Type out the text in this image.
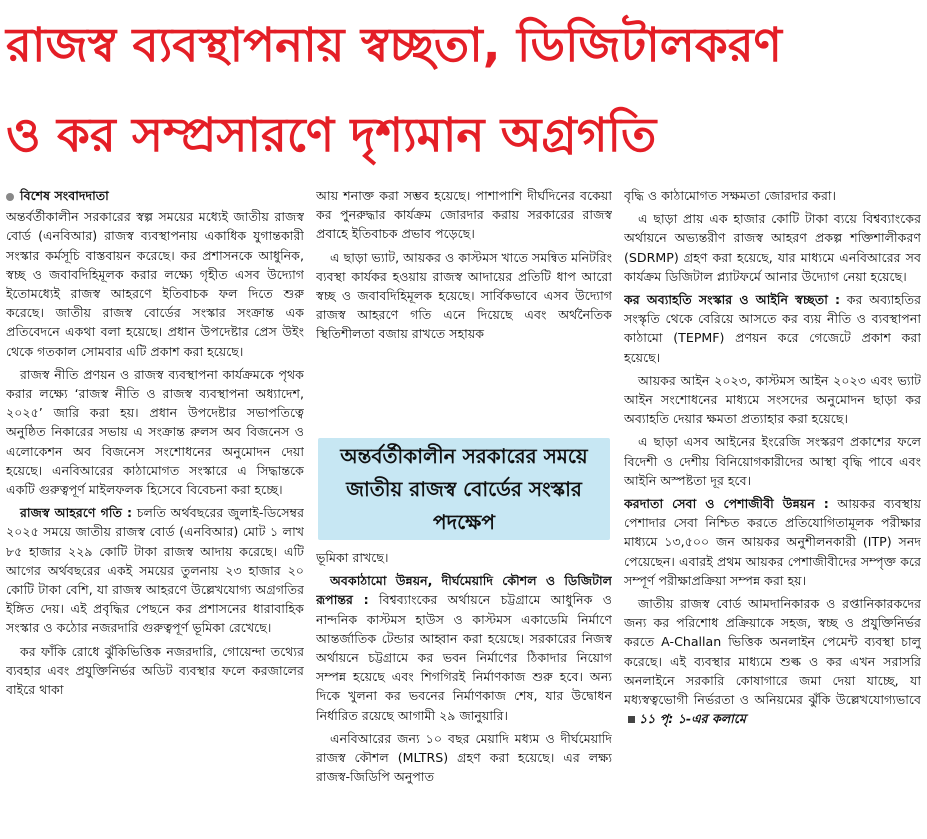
রাজস্ব ব্যবস্থাপনায় স্বচ্ছতা, ডিজিটালকরণ
ও কর সম্প্রসারণে দৃশ্যমান অগ্রগতি
বিশেষ সংবাদদাতা

অন্তর্বর্তীকালীন সরকারের স্বল্প সময়ের মধ্যেই জাতীয় রাজস্ব বোর্ড (এনবিআর) রাজস্ব ব্যবস্থাপনায় একাধিক যুগান্তকারী সংস্কার কর্মসূচি বাস্তবায়ন করেছে। কর প্রশাসনকে আধুনিক, স্বচ্ছ ও জবাবদিহিমূলক করার লক্ষ্যে গৃহীত এসব উদ্যোগ ইতোমধ্যেই রাজস্ব আহরণে ইতিবাচক ফল দিতে শুরু করেছে। জাতীয় রাজস্ব বোর্ডের সংস্কার সংক্রান্ত এক প্রতিবেদনে একথা বলা হয়েছে। প্রধান উপদেষ্টার প্রেস উইং থেকে গতকাল সোমবার এটি প্রকাশ করা হয়েছে।

রাজস্ব নীতি প্রণয়ন ও রাজস্ব ব্যবস্থাপনা কার্যক্রমকে পৃথক করার লক্ষ্যে ‘রাজস্ব নীতি ও রাজস্ব ব্যবস্থাপনা অধ্যাদেশ, ২০২৫’ জারি করা হয়। প্রধান উপদেষ্টার সভাপতিত্বে অনুষ্ঠিত নিকারের সভায় এ সংক্রান্ত রুলস অব বিজনেস ও এলোকেশন অব বিজনেস সংশোধনের অনুমোদন দেয়া হয়েছে। এনবিআরের কাঠামোগত সংস্কারে এ সিদ্ধান্তকে একটি গুরুত্বপূর্ণ মাইলফলক হিসেবে বিবেচনা করা হচ্ছে।

রাজস্ব আহরণে গতি : চলতি অর্থবছরের জুলাই-ডিসেম্বর ২০২৫ সময়ে জাতীয় রাজস্ব বোর্ড (এনবিআর) মোট ১ লাখ ৮৫ হাজার ২২৯ কোটি টাকা রাজস্ব আদায় করেছে। এটি আগের অর্থবছরের একই সময়ের তুলনায় ২৩ হাজার ২০ কোটি টাকা বেশি, যা রাজস্ব আহরণে উল্লেখযোগ্য অগ্রগতির ইঙ্গিত দেয়। এই প্রবৃদ্ধির পেছনে কর প্রশাসনের ধারাবাহিক সংস্কার ও কঠোর নজরদারি গুরুত্বপূর্ণ ভূমিকা রেখেছে।

কর ফাঁকি রোধে ঝুঁকিভিত্তিক নজরদারি, গোয়েন্দা তথ্যের ব্যবহার এবং প্রযুক্তিনির্ভর অডিট ব্যবস্থার ফলে করজালের বাইরে থাকা

আয় শনাক্ত করা সম্ভব হয়েছে। পাশাপাশি দীর্ঘদিনের বকেয়া কর পুনরুদ্ধার কার্যক্রম জোরদার করায় সরকারের রাজস্ব প্রবাহে ইতিবাচক প্রভাব পড়েছে।

এ ছাড়া ভ্যাট, আয়কর ও কাস্টমস খাতে সমন্বিত মনিটরিং ব্যবস্থা কার্যকর হওয়ায় রাজস্ব আদায়ের প্রতিটি ধাপ আরো স্বচ্ছ ও জবাবদিহিমূলক হয়েছে। সার্বিকভাবে এসব উদ্যোগ রাজস্ব আহরণে গতি এনে দিয়েছে এবং অর্থনৈতিক স্থিতিশীলতা বজায় রাখতে সহায়ক

ভূমিকা রাখছে।

অবকাঠামো উন্নয়ন, দীর্ঘমেয়াদি কৌশল ও ডিজিটাল রূপান্তর : বিশ্বব্যাংকের অর্থায়নে চট্টগ্রামে আধুনিক ও নান্দনিক কাস্টমস হাউস ও কাস্টমস একাডেমি নির্মাণে আন্তর্জাতিক টেন্ডার আহ্বান করা হয়েছে। সরকারের নিজস্ব অর্থায়নে চট্টগ্রামে কর ভবন নির্মাণের ঠিকাদার নিয়োগ সম্পন্ন হয়েছে এবং শিগগিরই নির্মাণকাজ শুরু হবে। অন্য দিকে খুলনা কর ভবনের নির্মাণকাজ শেষ, যার উদ্বোধন নির্ধারিত রয়েছে আগামী ২৯ জানুয়ারি।

এনবিআরের জন্য ১০ বছর মেয়াদি মধ্যম ও দীর্ঘমেয়াদি রাজস্ব কৌশল (MLTRS) গ্রহণ করা হয়েছে। এর লক্ষ্য রাজস্ব-জিডিপি অনুপাত

অন্তর্বর্তীকালীন সরকারের সময়ে জাতীয় রাজস্ব বোর্ডের সংস্কার পদক্ষেপ

বৃদ্ধি ও কাঠামোগত সক্ষমতা জোরদার করা।

এ ছাড়া প্রায় এক হাজার কোটি টাকা ব্যয়ে বিশ্বব্যাংকের অর্থায়নে অভ্যন্তরীণ রাজস্ব আহরণ প্রকল্প শক্তিশালীকরণ (SDRMP) গ্রহণ করা হয়েছে, যার মাধ্যমে এনবিআরের সব কার্যক্রম ডিজিটাল প্ল্যাটফর্মে আনার উদ্যোগ নেয়া হয়েছে।

কর অব্যাহতি সংস্কার ও আইনি স্বচ্ছতা : কর অব্যাহতির সংস্কৃতি থেকে বেরিয়ে আসতে কর ব্যয় নীতি ও ব্যবস্থাপনা কাঠামো (TEPMF) প্রণয়ন করে গেজেটে প্রকাশ করা হয়েছে।

আয়কর আইন ২০২৩, কাস্টমস আইন ২০২৩ এবং ভ্যাট আইন সংশোধনের মাধ্যমে সংসদের অনুমোদন ছাড়া কর অব্যাহতি দেয়ার ক্ষমতা প্রত্যাহার করা হয়েছে।

এ ছাড়া এসব আইনের ইংরেজি সংস্করণ প্রকাশের ফলে বিদেশী ও দেশীয় বিনিয়োগকারীদের আস্থা বৃদ্ধি পাবে এবং আইনি অস্পষ্টতা দূর হবে।

করদাতা সেবা ও পেশাজীবী উন্নয়ন : আয়কর ব্যবস্থায় পেশাদার সেবা নিশ্চিত করতে প্রতিযোগিতামূলক পরীক্ষার মাধ্যমে ১৩,৫০০ জন আয়কর অনুশীলনকারী (ITP) সনদ পেয়েছেন। এবারই প্রথম আয়কর পেশাজীবীদের সম্পৃক্ত করে সম্পূর্ণ পরীক্ষাপ্রক্রিয়া সম্পন্ন করা হয়।

জাতীয় রাজস্ব বোর্ড আমদানিকারক ও রপ্তানিকারকদের জন্য কর পরিশোধ প্রক্রিয়াকে সহজ, স্বচ্ছ ও প্রযুক্তিনির্ভর করতে A-Challan ভিত্তিক অনলাইন পেমেন্ট ব্যবস্থা চালু করেছে। এই ব্যবস্থার মাধ্যমে শুল্ক ও কর এখন সরাসরি অনলাইনে সরকারি কোষাগারে জমা দেয়া যাচ্ছে, যা মধ্যস্বত্বভোগী নির্ভরতা ও অনিয়মের ঝুঁকি উল্লেখযোগ্যভাবে ১১ পৃ: ১-এর কলামে
